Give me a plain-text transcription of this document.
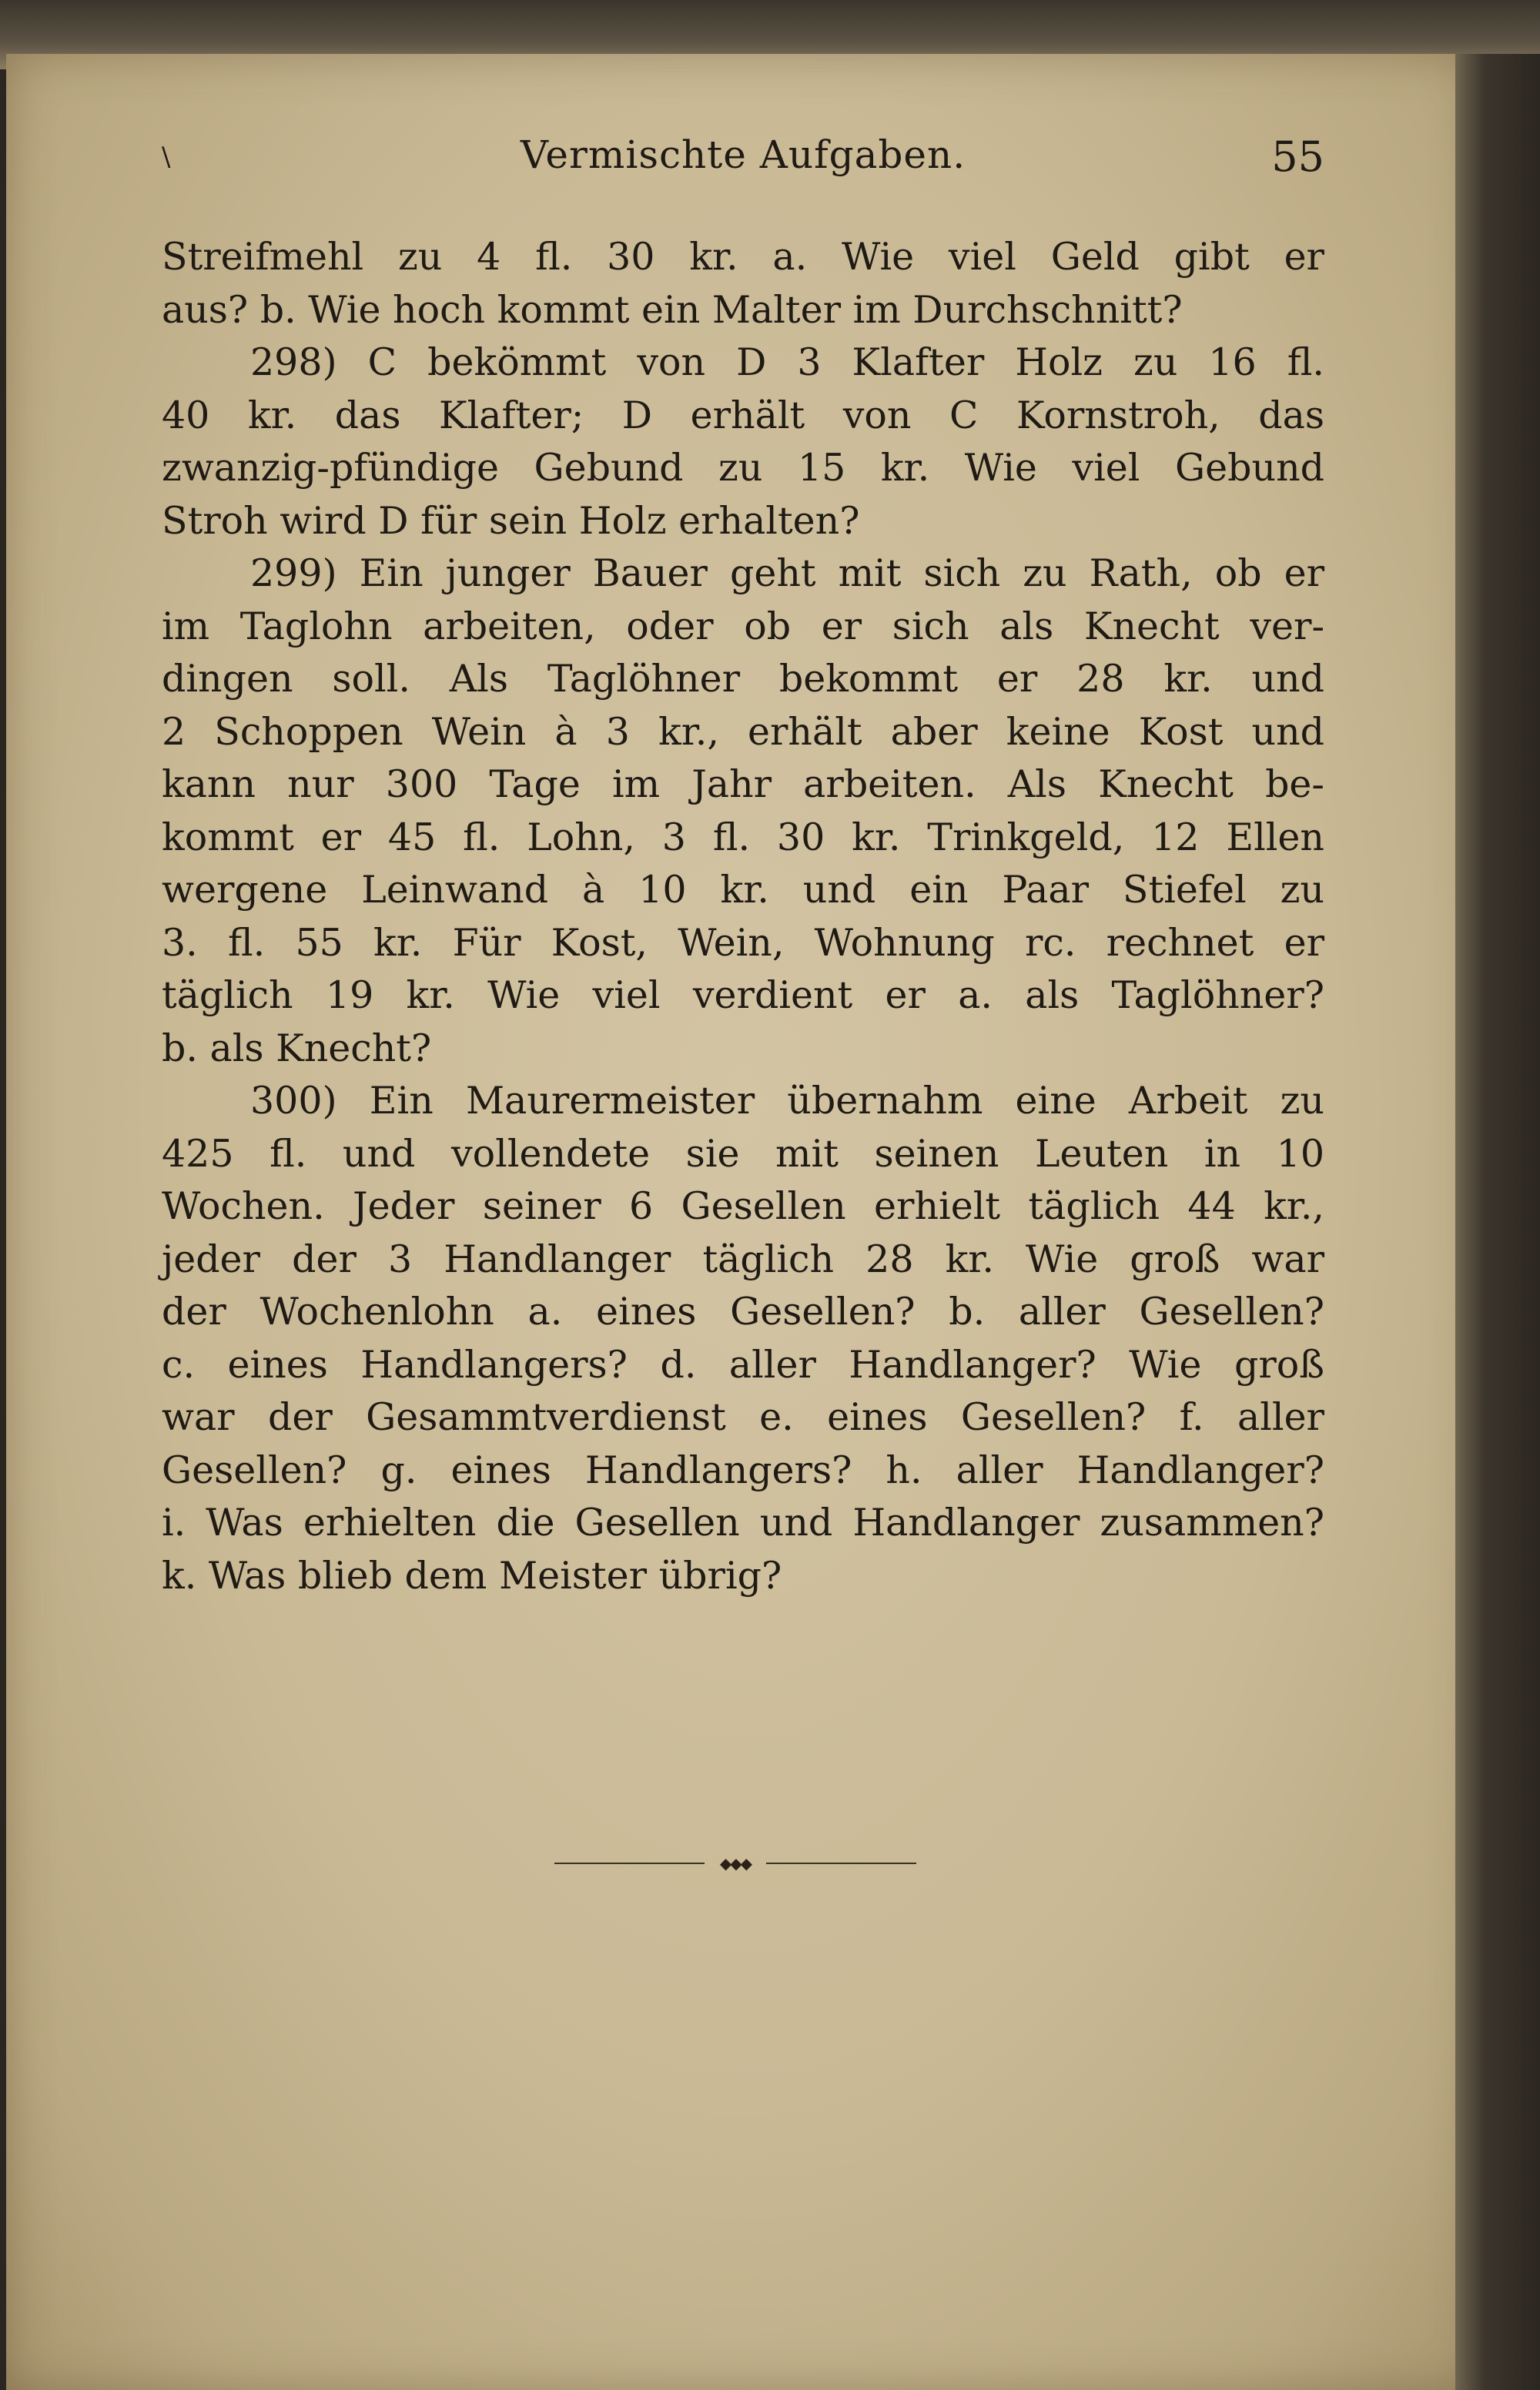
\	Vermischte Aufgaben.	55
Streifmehl zu 4 fl. 30 kr. a. Wie viel Geld gibt er
aus? b. Wie hoch kommt ein Malter im Durchschnitt?
298) C bekömmt von D 3 Klafter Holz zu 16 fl.
40 kr. das Klafter; D erhält von C Kornstroh, das
zwanzig-pfündige Gebund zu 15 kr. Wie viel Gebund
Stroh wird D für sein Holz erhalten?
299) Ein junger Bauer geht mit sich zu Rath, ob er
im Taglohn arbeiten, oder ob er sich als Knecht ver-
dingen soll. Als Taglöhner bekommt er 28 kr. und
2 Schoppen Wein à 3 kr., erhält aber keine Kost und
kann nur 300 Tage im Jahr arbeiten. Als Knecht be-
kommt er 45 fl. Lohn, 3 fl. 30 kr. Trinkgeld, 12 Ellen
wergene Leinwand à 10 kr. und ein Paar Stiefel zu
3. fl. 55 kr. Für Kost, Wein, Wohnung rc. rechnet er
täglich 19 kr. Wie viel verdient er a. als Taglöhner?
b. als Knecht?
300) Ein Maurermeister übernahm eine Arbeit zu
425 fl. und vollendete sie mit seinen Leuten in 10
Wochen. Jeder seiner 6 Gesellen erhielt täglich 44 kr.,
jeder der 3 Handlanger täglich 28 kr. Wie groß war
der Wochenlohn a. eines Gesellen? b. aller Gesellen?
c. eines Handlangers? d. aller Handlanger? Wie groß
war der Gesammtverdienst e. eines Gesellen? f. aller
Gesellen? g. eines Handlangers? h. aller Handlanger?
i. Was erhielten die Gesellen und Handlanger zusammen?
k. Was blieb dem Meister übrig?
◆◆◆
